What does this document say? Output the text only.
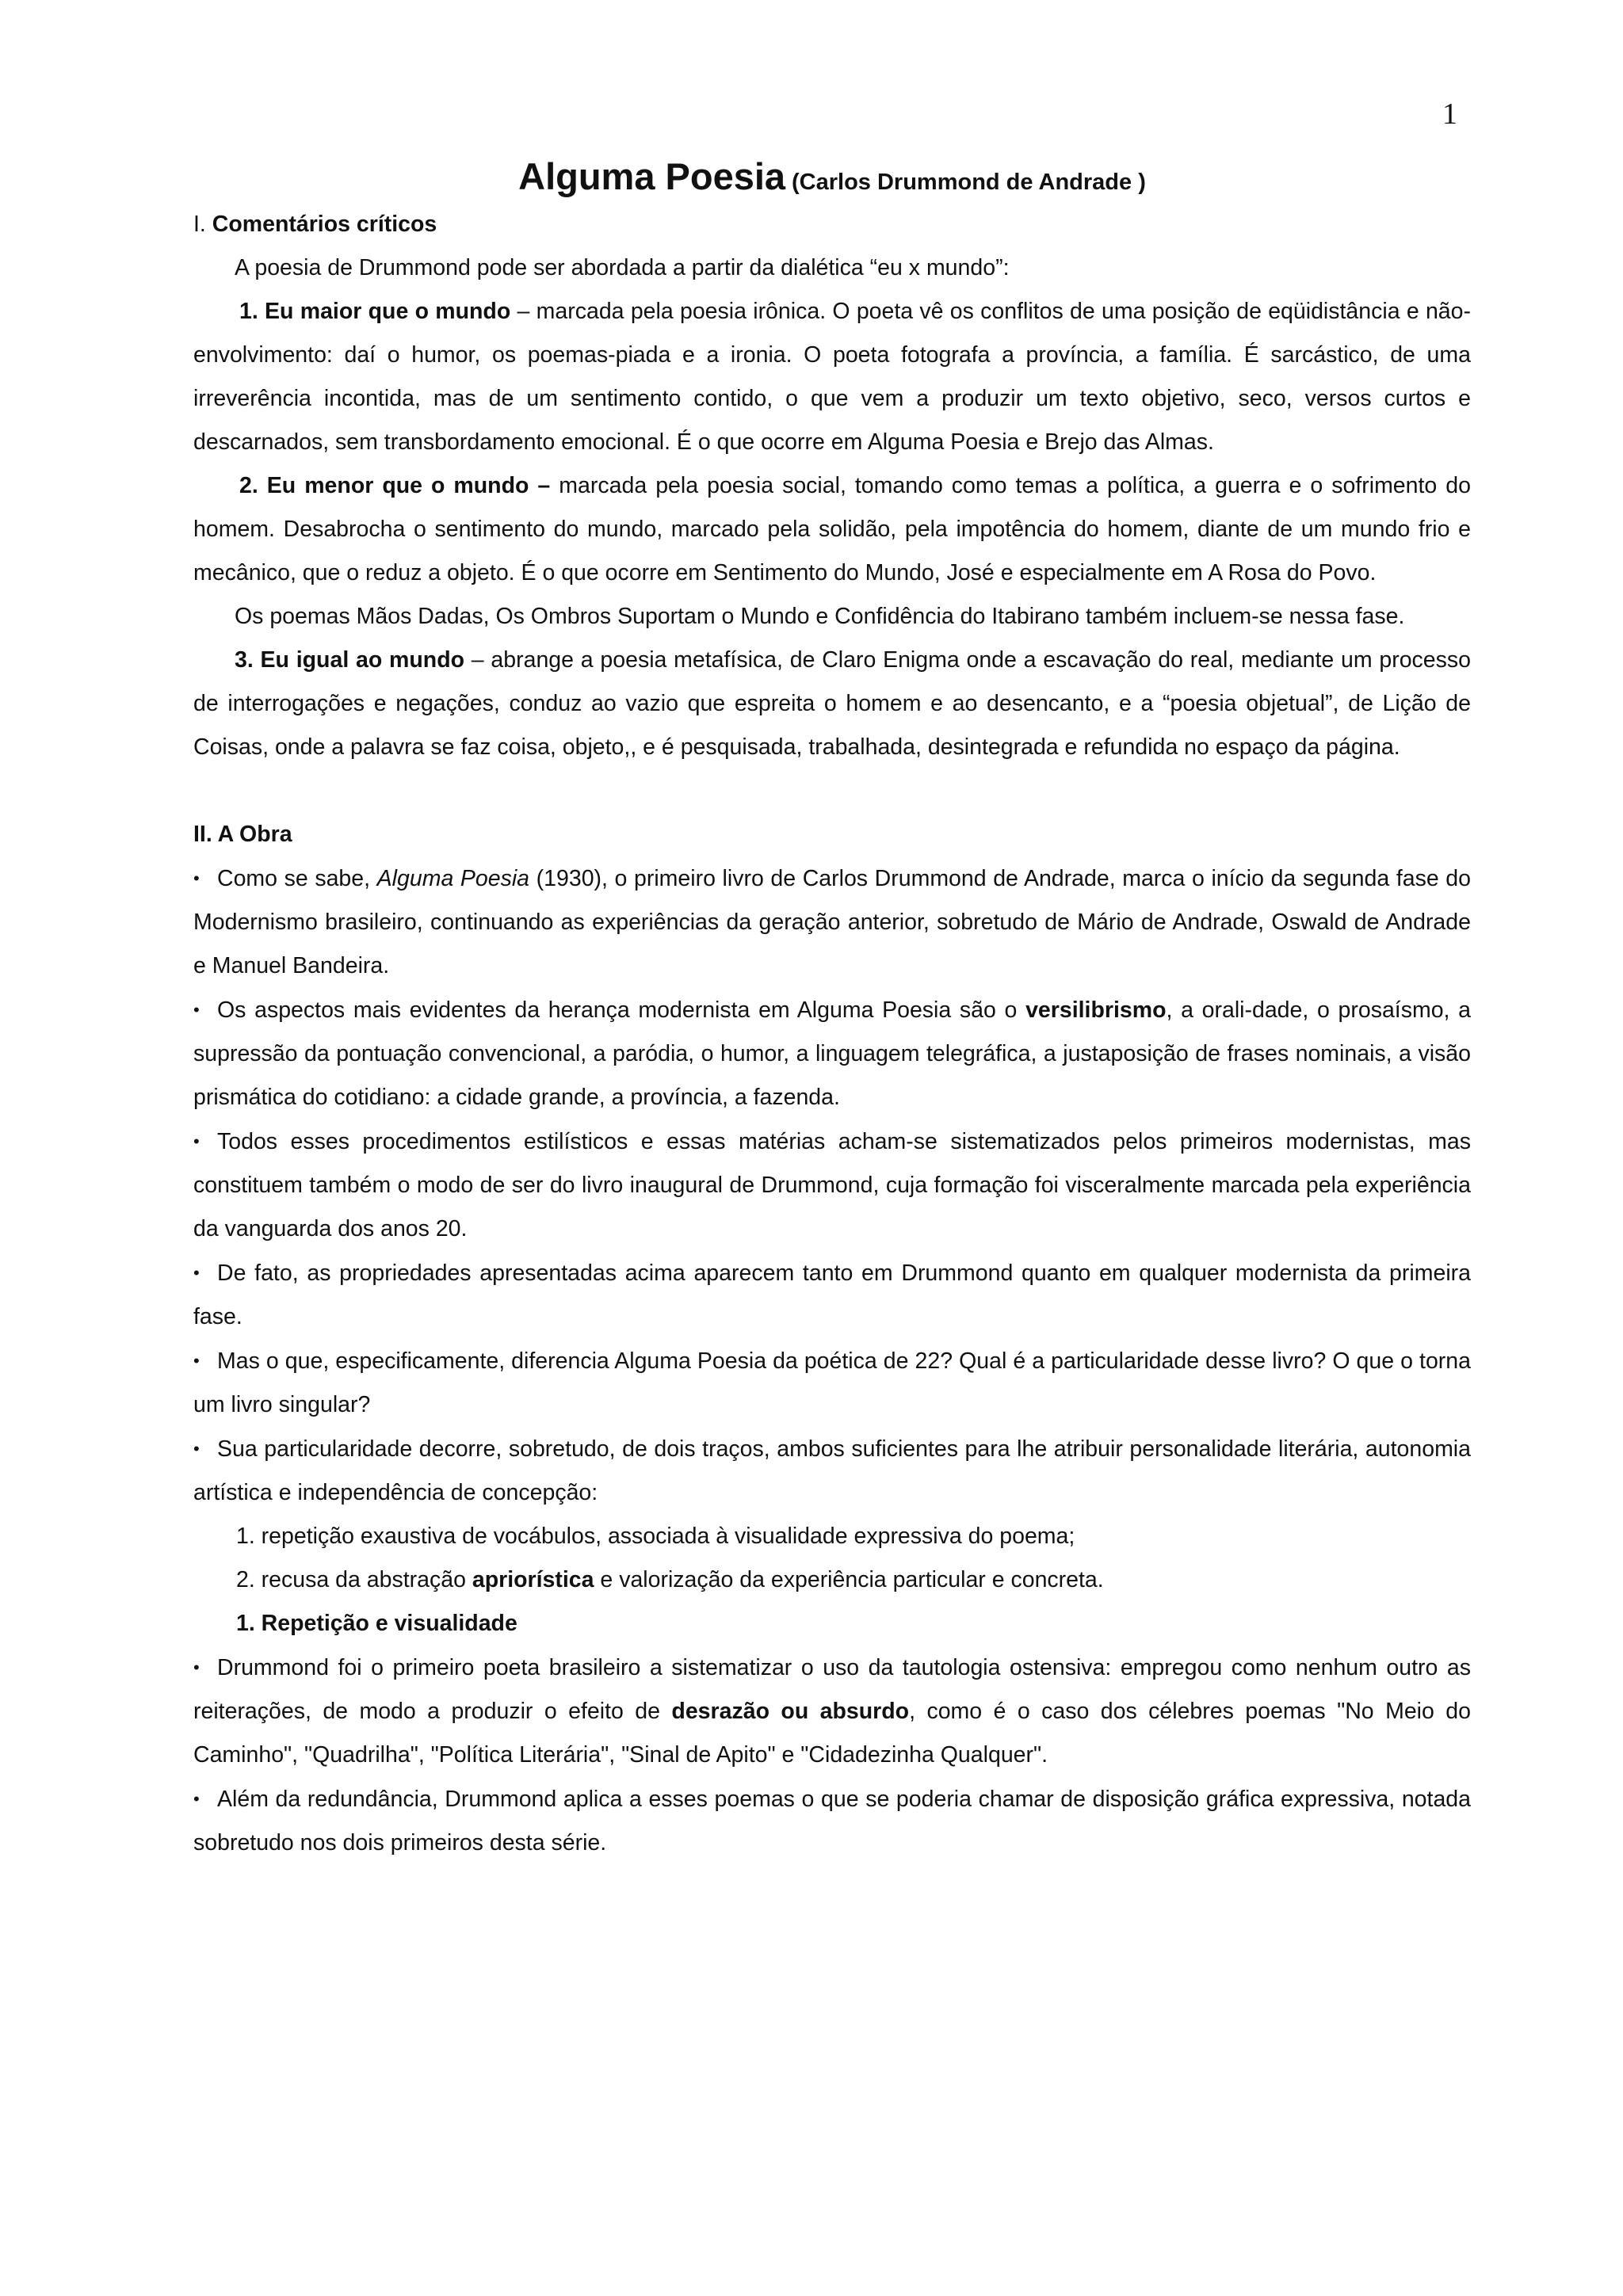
1
Alguma Poesia (Carlos Drummond de Andrade )

I. Comentários críticos

A poesia de Drummond pode ser abordada a partir da dialética “eu x mundo”:

1. Eu maior que o mundo – marcada pela poesia irônica. O poeta vê os conflitos de uma posição de eqüidistância e não-envolvimento: daí o humor, os poemas-piada e a ironia. O poeta fotografa a província, a família. É sarcástico, de uma irreverência incontida, mas de um sentimento contido, o que vem a produzir um texto objetivo, seco, versos curtos e descarnados, sem transbordamento emocional. É o que ocorre em Alguma Poesia e Brejo das Almas.

2. Eu menor que o mundo – marcada pela poesia social, tomando como temas a política, a guerra e o sofrimento do homem. Desabrocha o sentimento do mundo, marcado pela solidão, pela impotência do homem, diante de um mundo frio e mecânico, que o reduz a objeto. É o que ocorre em Sentimento do Mundo, José e especialmente em A Rosa do Povo.

Os poemas Mãos Dadas, Os Ombros Suportam o Mundo e Confidência do Itabirano também incluem-se nessa fase.

3. Eu igual ao mundo – abrange a poesia metafísica, de Claro Enigma onde a escavação do real, mediante um processo de interrogações e negações, conduz ao vazio que espreita o homem e ao desencanto, e a “poesia objetual”, de Lição de Coisas, onde a palavra se faz coisa, objeto,, e é pesquisada, trabalhada, desintegrada e refundida no espaço da página.

II. A Obra

• Como se sabe, Alguma Poesia (1930), o primeiro livro de Carlos Drummond de Andrade, marca o início da segunda fase do Modernismo brasileiro, continuando as experiências da geração anterior, sobretudo de Mário de Andrade, Oswald de Andrade e Manuel Bandeira.

• Os aspectos mais evidentes da herança modernista em Alguma Poesia são o versilibrismo, a orali-dade, o prosaísmo, a supressão da pontuação convencional, a paródia, o humor, a linguagem telegráfica, a justaposição de frases nominais, a visão prismática do cotidiano: a cidade grande, a província, a fazenda.

• Todos esses procedimentos estilísticos e essas matérias acham-se sistematizados pelos primeiros modernistas, mas constituem também o modo de ser do livro inaugural de Drummond, cuja formação foi visceralmente marcada pela experiência da vanguarda dos anos 20.

• De fato, as propriedades apresentadas acima aparecem tanto em Drummond quanto em qualquer modernista da primeira fase.

• Mas o que, especificamente, diferencia Alguma Poesia da poética de 22? Qual é a particularidade desse livro? O que o torna um livro singular?

• Sua particularidade decorre, sobretudo, de dois traços, ambos suficientes para lhe atribuir personalidade literária, autonomia artística e independência de concepção:

1. repetição exaustiva de vocábulos, associada à visualidade expressiva do poema;

2. recusa da abstração apriorística e valorização da experiência particular e concreta.

1. Repetição e visualidade

• Drummond foi o primeiro poeta brasileiro a sistematizar o uso da tautologia ostensiva: empregou como nenhum outro as reiterações, de modo a produzir o efeito de desrazão ou absurdo, como é o caso dos célebres poemas "No Meio do Caminho", "Quadrilha", "Política Literária", "Sinal de Apito" e "Cidadezinha Qualquer".

• Além da redundância, Drummond aplica a esses poemas o que se poderia chamar de disposição gráfica expressiva, notada sobretudo nos dois primeiros desta série.
